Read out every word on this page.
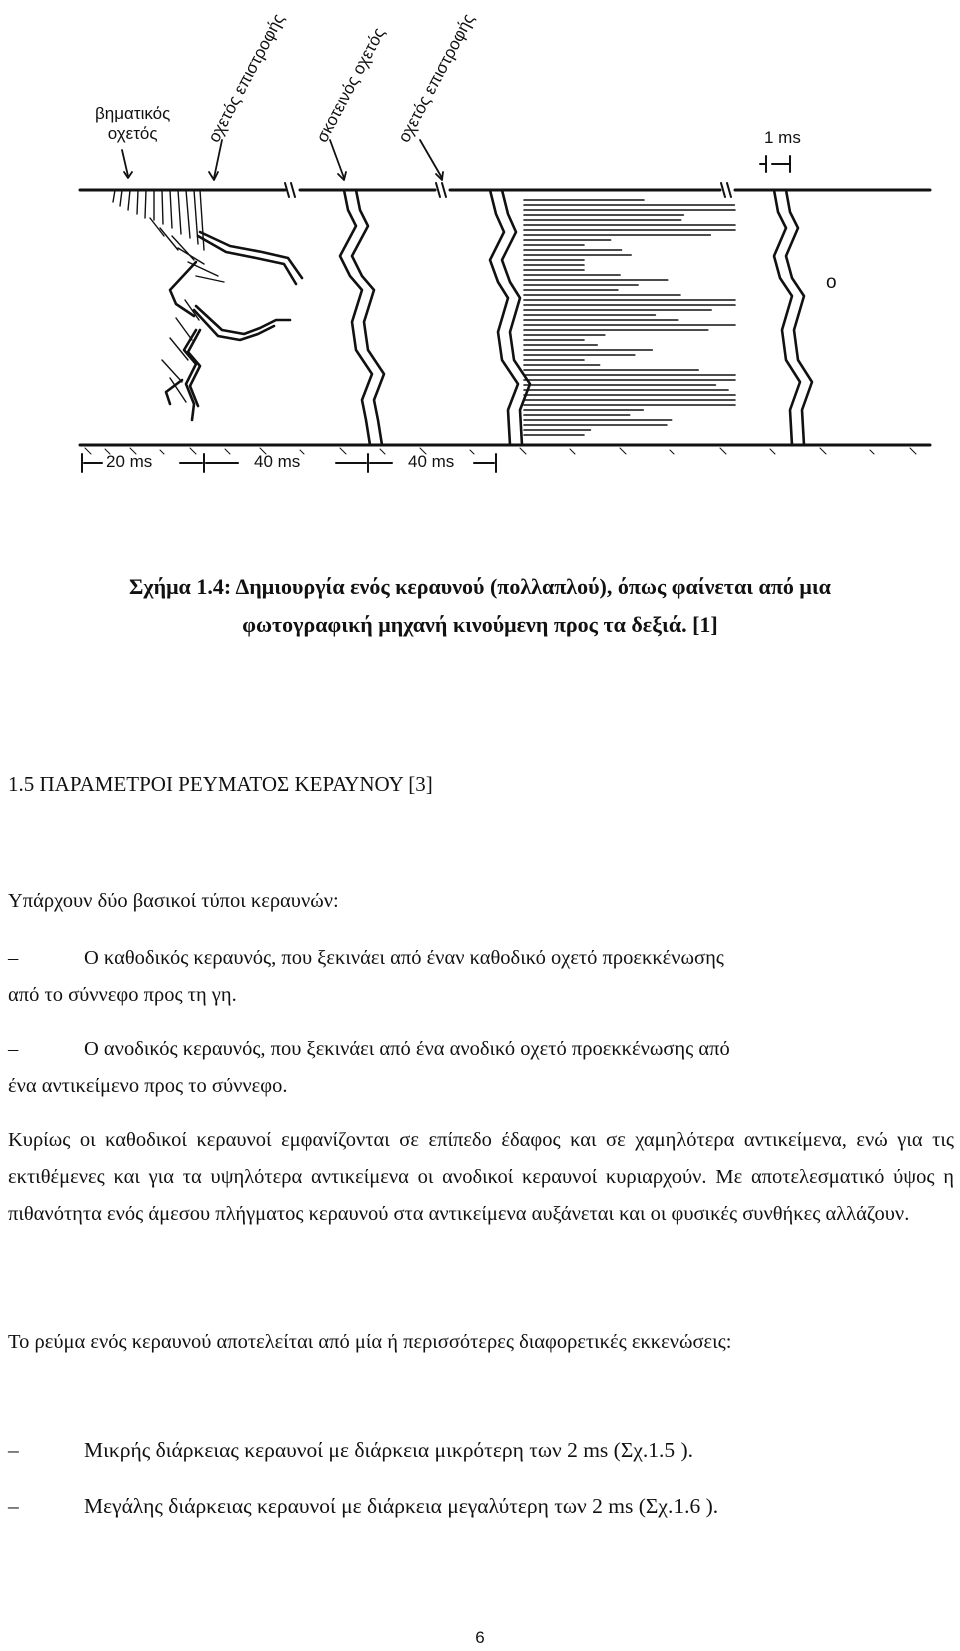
βηματικός
οχετός	οχετός επιστροφής σκοτεινός οχετός οχετός επιστροφής	1 ms
o
20 ms	40 ms	40 ms
Σχήμα 1.4: Δημιουργία ενός κεραυνού (πολλαπλού), όπως φαίνεται από μια
φωτογραφική μηχανή κινούμενη προς τα δεξιά. [1]
1.5 ΠΑΡΑΜΕΤΡΟΙ ΡΕΥΜΑΤΟΣ ΚΕΡΑΥΝΟΥ [3]
Υπάρχουν δύο βασικοί τύποι κεραυνών:
–	Ο καθοδικός κεραυνός, που ξεκινάει από έναν καθοδικό οχετό προεκκένωσης
από το σύννεφο προς τη γη.
–	Ο ανοδικός κεραυνός, που ξεκινάει από ένα ανοδικό οχετό προεκκένωσης από
ένα αντικείμενο προς το σύννεφο.
Κυρίως οι καθοδικοί κεραυνοί εμφανίζονται σε επίπεδο έδαφος και σε χαμηλότερα αντικείμενα, ενώ για τις εκτιθέμενες και για τα υψηλότερα αντικείμενα οι ανοδικοί κεραυνοί κυριαρχούν. Με αποτελεσματικό ύψος η πιθανότητα ενός άμεσου πλήγματος κεραυνού στα αντικείμενα αυξάνεται και οι φυσικές συνθήκες αλλάζουν.
Το ρεύμα ενός κεραυνού αποτελείται από μία ή περισσότερες διαφορετικές εκκενώσεις:
–	Μικρής διάρκειας κεραυνοί με διάρκεια μικρότερη των 2 ms (Σχ.1.5 ).
–	Μεγάλης διάρκειας κεραυνοί με διάρκεια μεγαλύτερη των 2 ms (Σχ.1.6 ).
6
